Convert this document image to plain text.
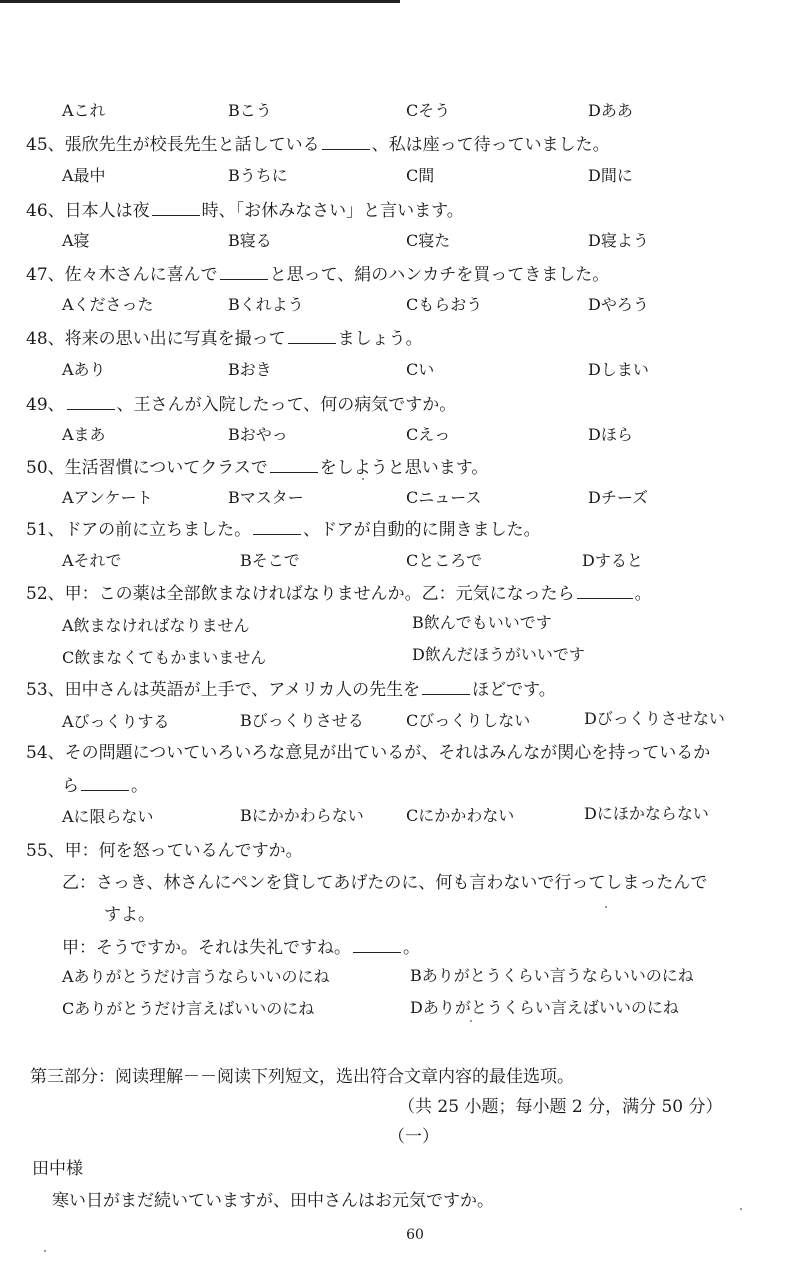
Aこれ	Bこう	Cそう	Dああ
45、張欣先生が校長先生と話している	、私は座って待っていました。
A最中	Bうちに	C間	D間に
46、日本人は夜	時、「お休みなさい」と言います。
A寝	B寝る	C寝た	D寝よう
47、佐々木さんに喜んで	と思って、絹のハンカチを買ってきました。
Aくださった	Bくれよう	Cもらおう	Dやろう
48、将来の思い出に写真を撮って	ましょう。
Aあり	Bおき	Cい	Dしまい
49、	、王さんが入院したって、何の病気ですか。
Aまあ	Bおやっ	Cえっ	Dほら
50、生活習慣についてクラスで	をしようと思います。
Aアンケート	Bマスター	Cニュース	Dチーズ
51、ドアの前に立ちました。	、ドアが自動的に開きました。
Aそれで	Bそこで	Cところで	Dすると
52、甲：この薬は全部飲まなければなりませんか。乙：元気になったら	。
A飲まなければなりません	B飲んでもいいです
C飲まなくてもかまいません	D飲んだほうがいいです
53、田中さんは英語が上手で、アメリカ人の先生を	ほどです。
Aびっくりする	Bびっくりさせる	Cびっくりしない	Dびっくりさせない
54、その問題についていろいろな意見が出ているが、それはみんなが関心を持っているか
ら	。
Aに限らない	Bにかかわらない	Cにかかわない	Dにほかならない
55、甲：何を怒っているんですか。
乙：さっき、林さんにペンを貸してあげたのに、何も言わないで行ってしまったんで
すよ。
甲：そうですか。それは失礼ですね。	。
Aありがとうだけ言うならいいのにね	Bありがとうくらい言うならいいのにね
Cありがとうだけ言えばいいのにね	Dありがとうくらい言えばいいのにね
第三部分：阅读理解－－阅读下列短文，选出符合文章内容的最佳选项。
（共 25 小题；每小题 2 分，满分 50 分）
（一）
田中様
寒い日がまだ続いていますが、田中さんはお元気ですか。
60
